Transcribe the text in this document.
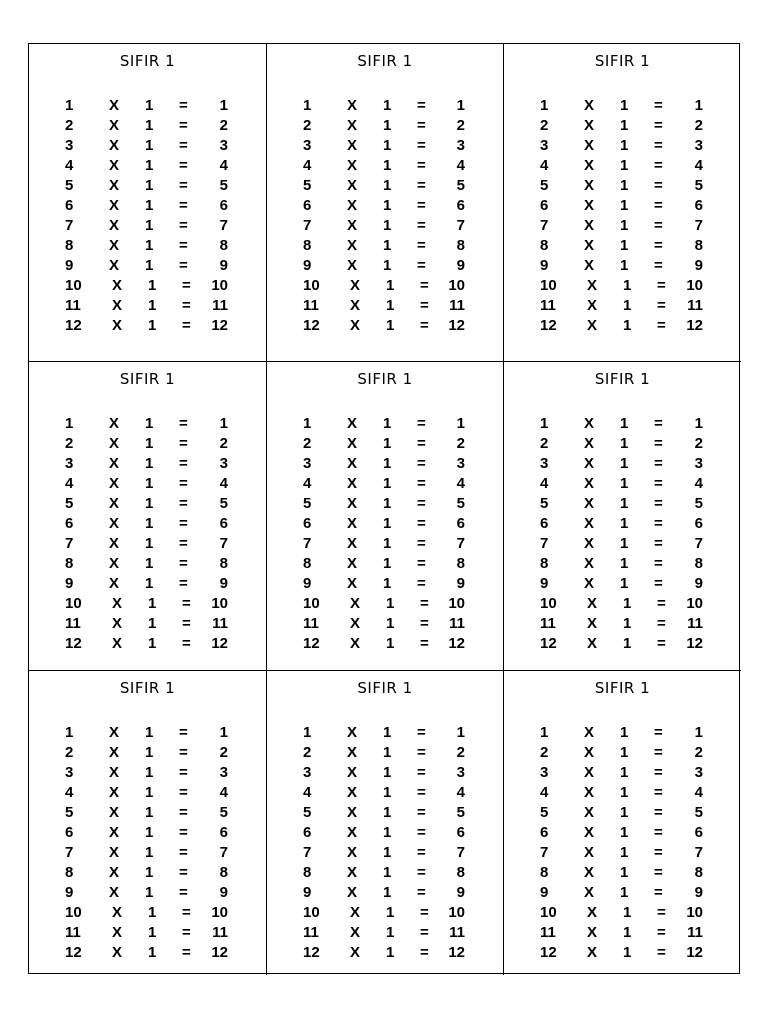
SIFIR 1
1 X 1 = 1
2 X 1 = 2
3 X 1 = 3
4 X 1 = 4
5 X 1 = 5
6 X 1 = 6
7 X 1 = 7
8 X 1 = 8
9 X 1 = 9
10 X 1 = 10
11 X 1 = 11
12 X 1 = 12
SIFIR 1
1 X 1 = 1
2 X 1 = 2
3 X 1 = 3
4 X 1 = 4
5 X 1 = 5
6 X 1 = 6
7 X 1 = 7
8 X 1 = 8
9 X 1 = 9
10 X 1 = 10
11 X 1 = 11
12 X 1 = 12
SIFIR 1
1 X 1 = 1
2 X 1 = 2
3 X 1 = 3
4 X 1 = 4
5 X 1 = 5
6 X 1 = 6
7 X 1 = 7
8 X 1 = 8
9 X 1 = 9
10 X 1 = 10
11 X 1 = 11
12 X 1 = 12
SIFIR 1
1 X 1 = 1
2 X 1 = 2
3 X 1 = 3
4 X 1 = 4
5 X 1 = 5
6 X 1 = 6
7 X 1 = 7
8 X 1 = 8
9 X 1 = 9
10 X 1 = 10
11 X 1 = 11
12 X 1 = 12
SIFIR 1
1 X 1 = 1
2 X 1 = 2
3 X 1 = 3
4 X 1 = 4
5 X 1 = 5
6 X 1 = 6
7 X 1 = 7
8 X 1 = 8
9 X 1 = 9
10 X 1 = 10
11 X 1 = 11
12 X 1 = 12
SIFIR 1
1 X 1 = 1
2 X 1 = 2
3 X 1 = 3
4 X 1 = 4
5 X 1 = 5
6 X 1 = 6
7 X 1 = 7
8 X 1 = 8
9 X 1 = 9
10 X 1 = 10
11 X 1 = 11
12 X 1 = 12
SIFIR 1
1 X 1 = 1
2 X 1 = 2
3 X 1 = 3
4 X 1 = 4
5 X 1 = 5
6 X 1 = 6
7 X 1 = 7
8 X 1 = 8
9 X 1 = 9
10 X 1 = 10
11 X 1 = 11
12 X 1 = 12
SIFIR 1
1 X 1 = 1
2 X 1 = 2
3 X 1 = 3
4 X 1 = 4
5 X 1 = 5
6 X 1 = 6
7 X 1 = 7
8 X 1 = 8
9 X 1 = 9
10 X 1 = 10
11 X 1 = 11
12 X 1 = 12
SIFIR 1
1 X 1 = 1
2 X 1 = 2
3 X 1 = 3
4 X 1 = 4
5 X 1 = 5
6 X 1 = 6
7 X 1 = 7
8 X 1 = 8
9 X 1 = 9
10 X 1 = 10
11 X 1 = 11
12 X 1 = 12
